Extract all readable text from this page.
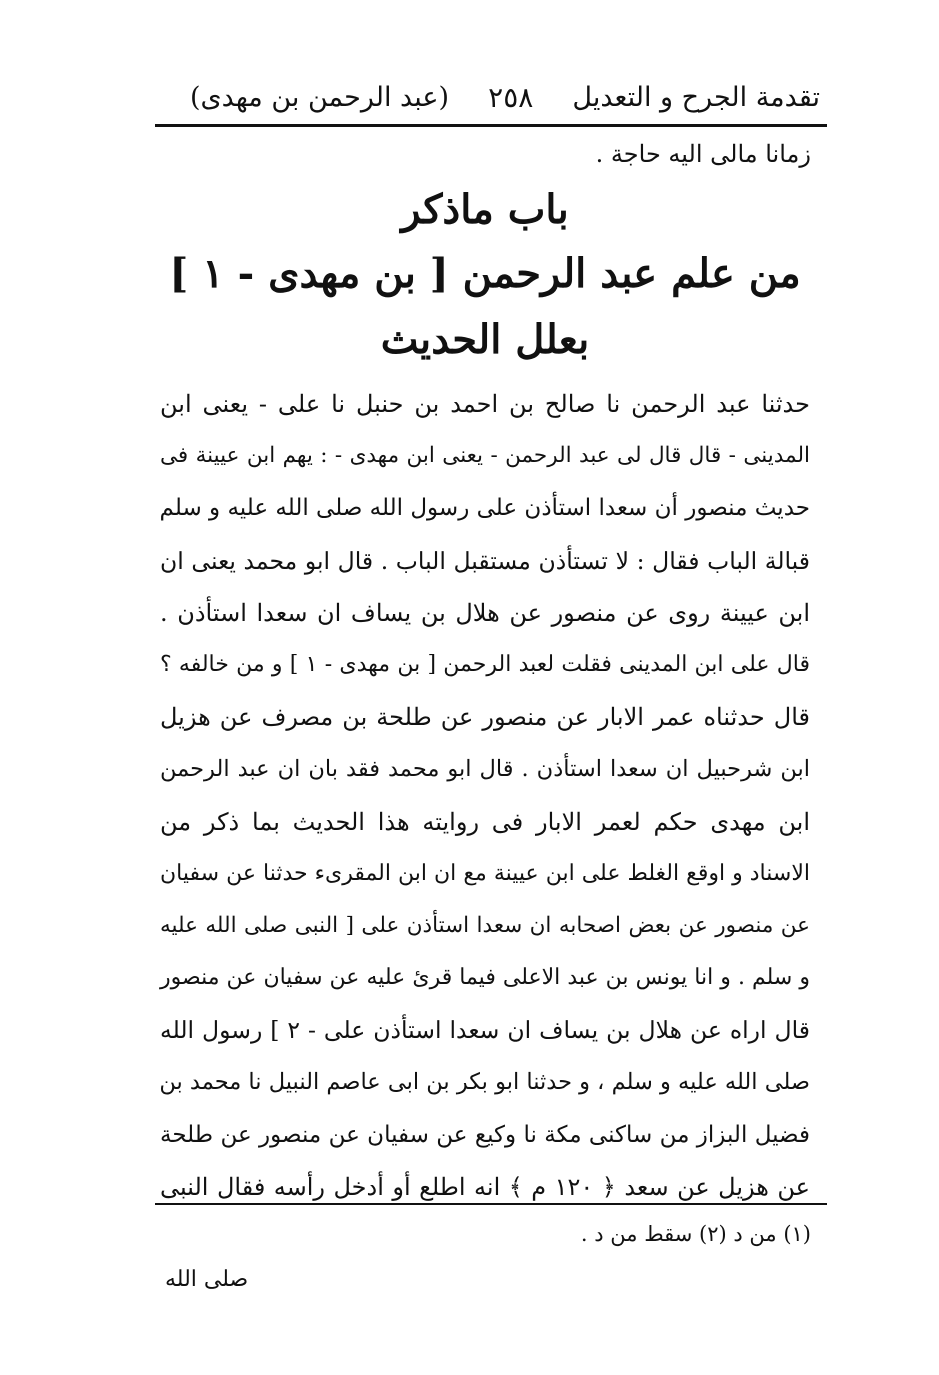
تقدمة الجرح و التعديل
٢٥٨
(عبد الرحمن بن مهدى)
زمانا مالى اليه حاجة .
باب ماذكر
من علم عبد الرحمن [ بن مهدى - ١ ]
بعلل الحديث
حدثنا عبد الرحمن نا صالح بن احمد بن حنبل نا على - يعنى ابن
المدينى - قال قال لى عبد الرحمن - يعنى ابن مهدى - : يهم ابن عيينة فى
حديث منصور أن سعدا استأذن على رسول الله صلى الله عليه و سلم
قبالة الباب فقال : لا تستأذن مستقبل الباب . قال ابو محمد يعنى ان
ابن عيينة روى عن منصور عن هلال بن يساف ان سعدا استأذن .
قال على ابن المدينى فقلت لعبد الرحمن [ بن مهدى - ١ ] و من خالفه ؟
قال حدثناه عمر الابار عن منصور عن طلحة بن مصرف عن هزيل
ابن شرحبيل ان سعدا استأذن . قال ابو محمد فقد بان ان عبد الرحمن
ابن مهدى حكم لعمر الابار فى روايته هذا الحديث بما ذكر من
الاسناد و اوقع الغلط على ابن عيينة مع ان ابن المقرىء حدثنا عن سفيان
عن منصور عن بعض اصحابه ان سعدا استأذن على [ النبى صلى الله عليه
و سلم . و انا يونس بن عبد الاعلى فيما قرئ عليه عن سفيان عن منصور
قال اراه عن هلال بن يساف ان سعدا استأذن على - ٢ ] رسول الله
صلى الله عليه و سلم ، و حدثنا ابو بكر بن ابى عاصم النبيل نا محمد بن
فضيل البزاز من ساكنى مكة نا وكيع عن سفيان عن منصور عن طلحة
عن هزيل عن سعد ﴿ ١٢٠ م ﴾ انه اطلع أو أدخل رأسه فقال النبى
(١) من د (٢) سقط من د .
صلى الله
